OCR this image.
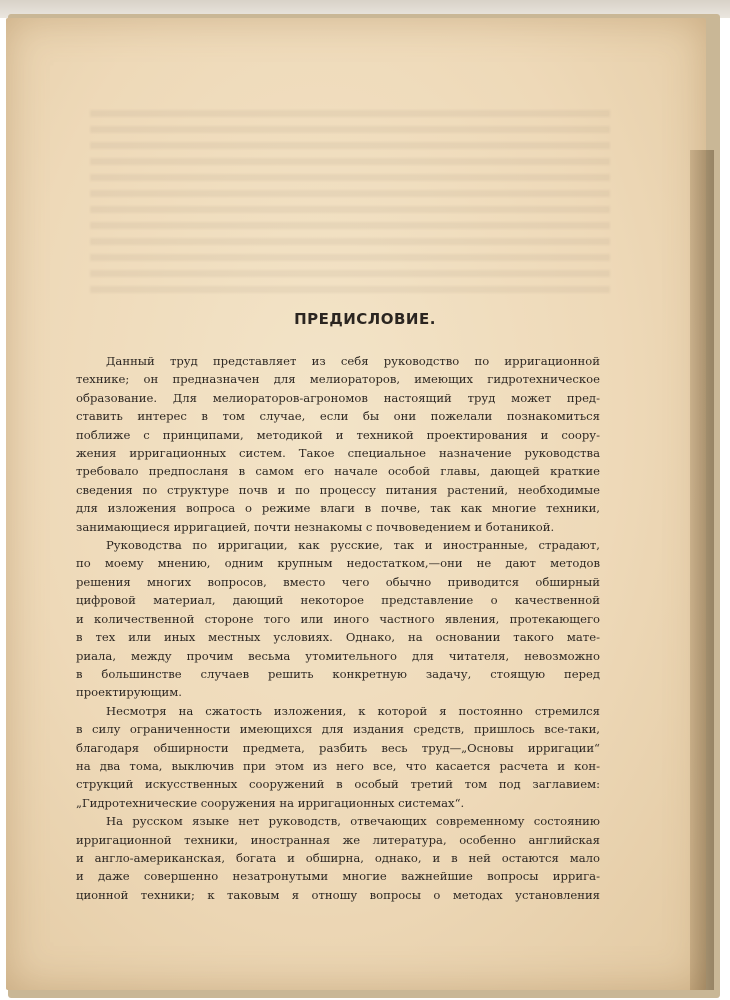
ПРЕДИСЛОВИЕ.

Данный труд представляет из себя руководство по ирригационной
технике; он предназначен для мелиораторов, имеющих гидротехническое
образование. Для мелиораторов-агрономов настоящий труд может пред-
ставить интерес в том случае, если бы они пожелали познакомиться
поближе с принципами, методикой и техникой проектирования и соору-
жения ирригационных систем. Такое специальное назначение руководства
требовало предпосланя в самом его начале особой главы, дающей краткие
сведения по структуре почв и по процессу питания растений, необходимые
для изложения вопроса о режиме влаги в почве, так как многие техники,
занимающиеся ирригацией, почти незнакомы с почвоведением и ботаникой.

Руководства по ирригации, как русские, так и иностранные, страдают,
по моему мнению, одним крупным недостатком,—они не дают методов
решения многих вопросов, вместо чего обычно приводится обширный
цифровой материал, дающий некоторое представление о качественной
и количественной стороне того или иного частного явления, протекающего
в тех или иных местных условиях. Однако, на основании такого мате-
риала, между прочим весьма утомительного для читателя, невозможно
в большинстве случаев решить конкретную задачу, стоящую перед
проектирующим.

Несмотря на сжатость изложения, к которой я постоянно стремился
в силу ограниченности имеющихся для издания средств, пришлось все-таки,
благодаря обширности предмета, разбить весь труд—„Основы ирригации“
на два тома, выключив при этом из него все, что касается расчета и кон-
струкций искусственных сооружений в особый третий том под заглавием:
„Гидротехнические сооружения на ирригационных системах“.

На русском языке нет руководств, отвечающих современному состоянию
ирригационной техники, иностранная же литература, особенно английская
и англо-американская, богата и обширна, однако, и в ней остаются мало
и даже совершенно незатронутыми многие важнейшие вопросы ирригa-
ционной техники; к таковым я отношу вопросы о методах установления
